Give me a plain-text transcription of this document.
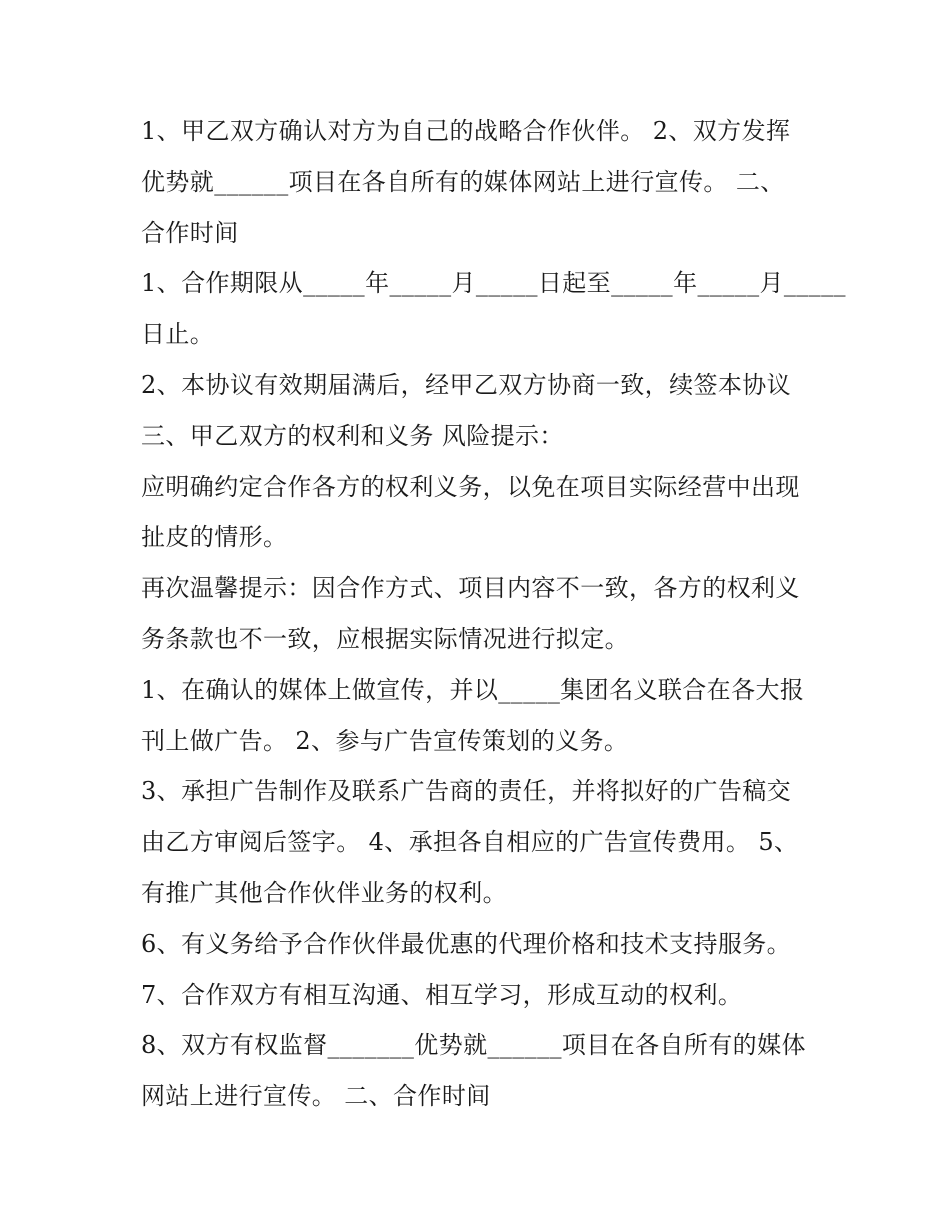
1、甲乙双方确认对方为自己的战略合作伙伴。 2、双方发挥
优势就______项目在各自所有的媒体网站上进行宣传。 二、
合作时间
1、合作期限从_____年_____月_____日起至_____年_____月_____
日止。
2、本协议有效期届满后，经甲乙双方协商一致，续签本协议
三、甲乙双方的权利和义务 风险提示：
应明确约定合作各方的权利义务，以免在项目实际经营中出现
扯皮的情形。
再次温馨提示：因合作方式、项目内容不一致，各方的权利义
务条款也不一致，应根据实际情况进行拟定。
1、在确认的媒体上做宣传，并以_____集团名义联合在各大报
刊上做广告。 2、参与广告宣传策划的义务。
3、承担广告制作及联系广告商的责任，并将拟好的广告稿交
由乙方审阅后签字。 4、承担各自相应的广告宣传费用。 5、
有推广其他合作伙伴业务的权利。
6、有义务给予合作伙伴最优惠的代理价格和技术支持服务。
7、合作双方有相互沟通、相互学习，形成互动的权利。
8、双方有权监督_______优势就______项目在各自所有的媒体
网站上进行宣传。 二、合作时间
